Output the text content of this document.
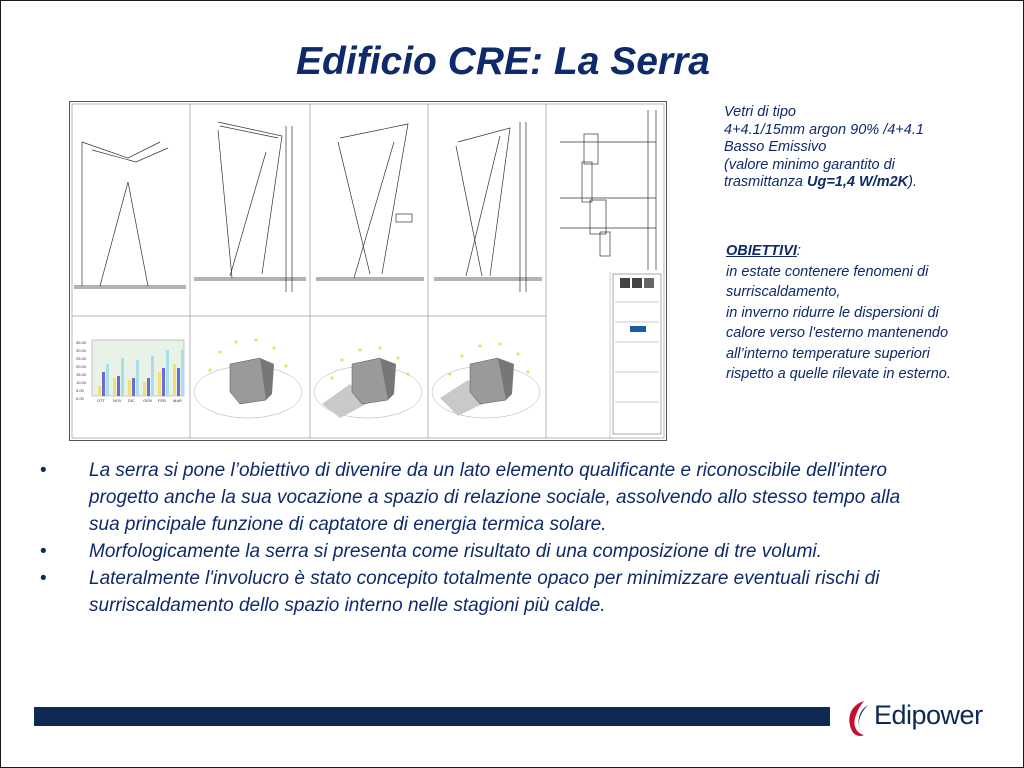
Edificio CRE: La Serra
35.00
30.00
25.00
20.00
15.00
10.00
5.00
0.00	OTT NOV DIC GEN FEB MAR

Vetri di tipo

4+4.1/15mm argon 90% /4+4.1

Basso Emissivo

(valore minimo garantito di

trasmittanza Ug=1,4 W/m2K).

OBIETTIVI:

in estate contenere fenomeni di

surriscaldamento,

in inverno ridurre le dispersioni di

calore verso l'esterno mantenendo

all’interno temperature superiori

rispetto a quelle rilevate in esterno.

• La serra si pone l’obiettivo di divenire da un lato elemento qualificante e riconoscibile dell'intero progetto anche la sua vocazione a spazio di relazione sociale, assolvendo allo stesso tempo alla sua principale funzione di captatore di energia termica solare.
• Morfologicamente la serra si presenta come risultato di una composizione di tre volumi.
• Lateralmente l'involucro è stato concepito totalmente opaco per minimizzare eventuali rischi di surriscaldamento dello spazio interno nelle stagioni più calde.
Edipower
